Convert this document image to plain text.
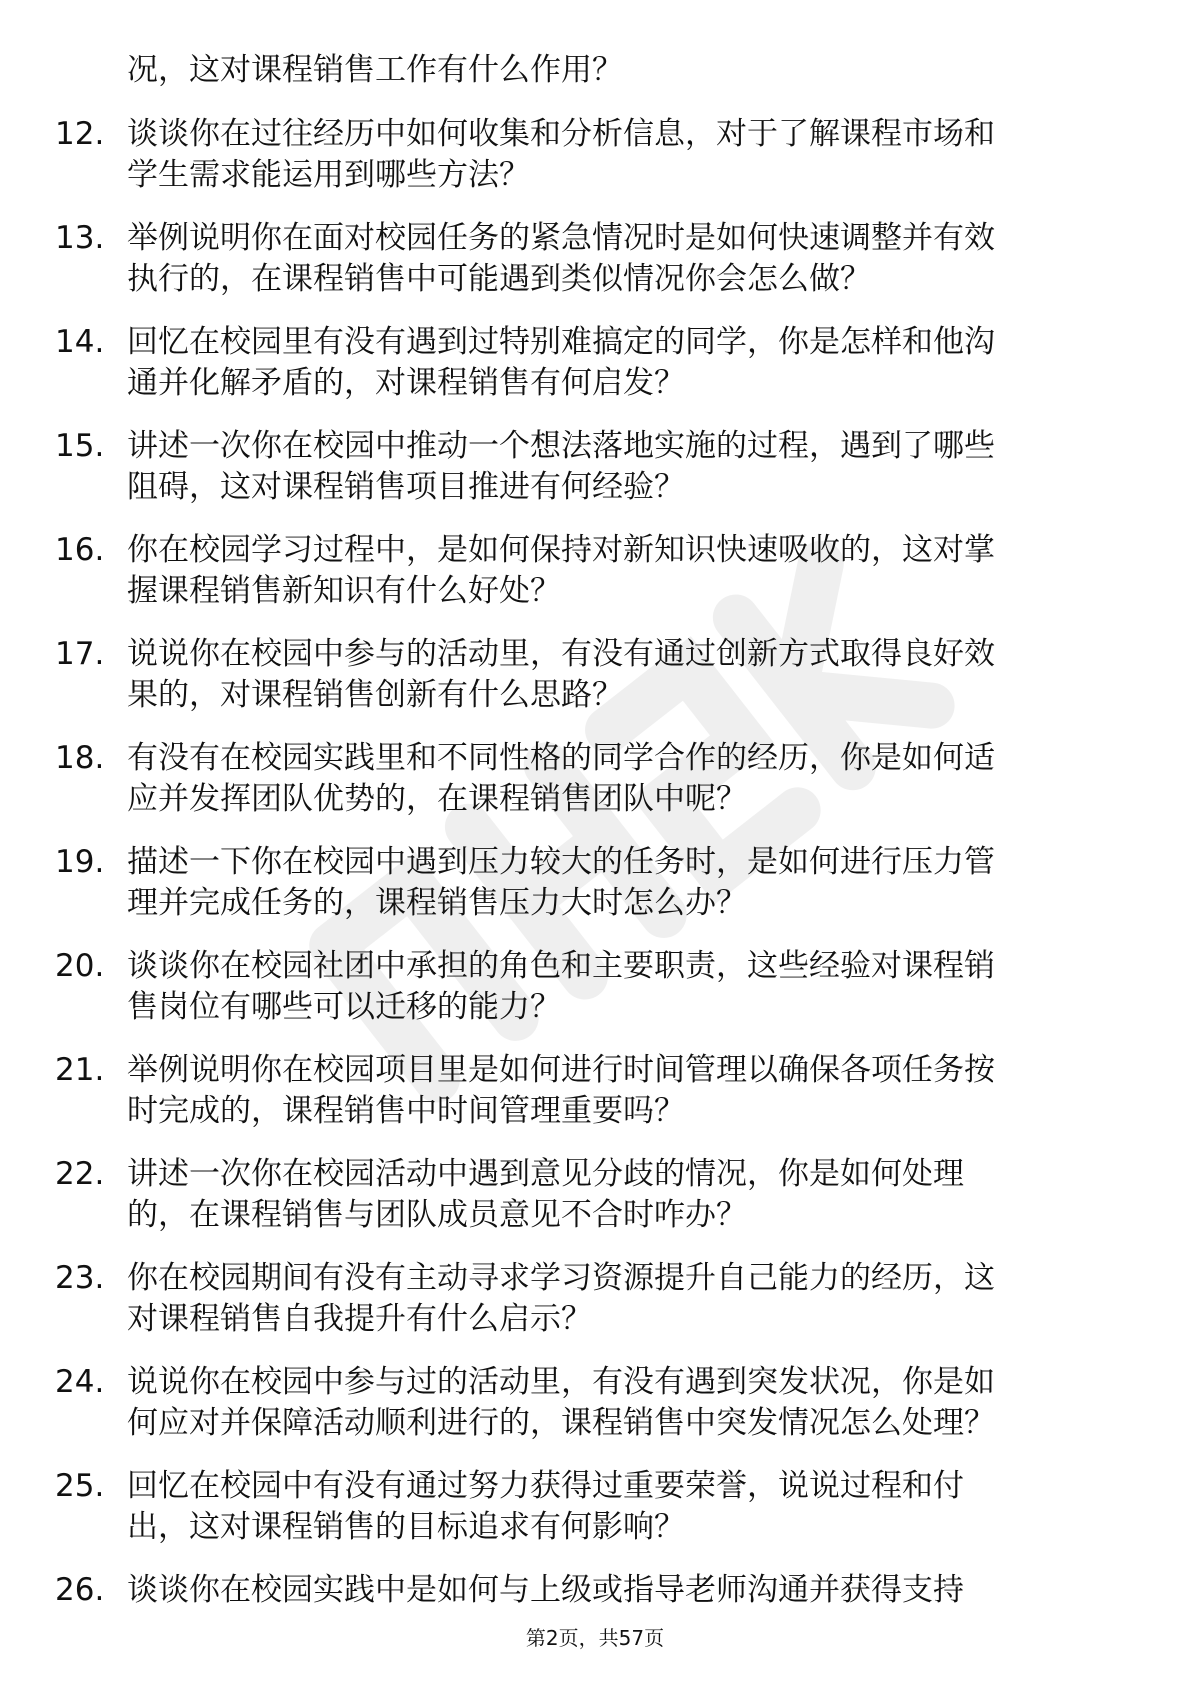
况，这对课程销售工作有什么作用？
12. 谈谈你在过往经历中如何收集和分析信息，对于了解课程市场和
学生需求能运用到哪些方法？
13. 举例说明你在面对校园任务的紧急情况时是如何快速调整并有效
执行的，在课程销售中可能遇到类似情况你会怎么做？
14. 回忆在校园里有没有遇到过特别难搞定的同学，你是怎样和他沟
通并化解矛盾的，对课程销售有何启发？
15. 讲述一次你在校园中推动一个想法落地实施的过程，遇到了哪些
阻碍，这对课程销售项目推进有何经验？
16. 你在校园学习过程中，是如何保持对新知识快速吸收的，这对掌
握课程销售新知识有什么好处？
17. 说说你在校园中参与的活动里，有没有通过创新方式取得良好效
果的，对课程销售创新有什么思路？
18. 有没有在校园实践里和不同性格的同学合作的经历，你是如何适
应并发挥团队优势的，在课程销售团队中呢？
19. 描述一下你在校园中遇到压力较大的任务时，是如何进行压力管
理并完成任务的，课程销售压力大时怎么办？
20. 谈谈你在校园社团中承担的角色和主要职责，这些经验对课程销
售岗位有哪些可以迁移的能力？
21. 举例说明你在校园项目里是如何进行时间管理以确保各项任务按
时完成的，课程销售中时间管理重要吗？
22. 讲述一次你在校园活动中遇到意见分歧的情况，你是如何处理
的，在课程销售与团队成员意见不合时咋办？
23. 你在校园期间有没有主动寻求学习资源提升自己能力的经历，这
对课程销售自我提升有什么启示？
24. 说说你在校园中参与过的活动里，有没有遇到突发状况，你是如
何应对并保障活动顺利进行的，课程销售中突发情况怎么处理？
25. 回忆在校园中有没有通过努力获得过重要荣誉，说说过程和付
出，这对课程销售的目标追求有何影响？
26. 谈谈你在校园实践中是如何与上级或指导老师沟通并获得支持
第2页，共57页
